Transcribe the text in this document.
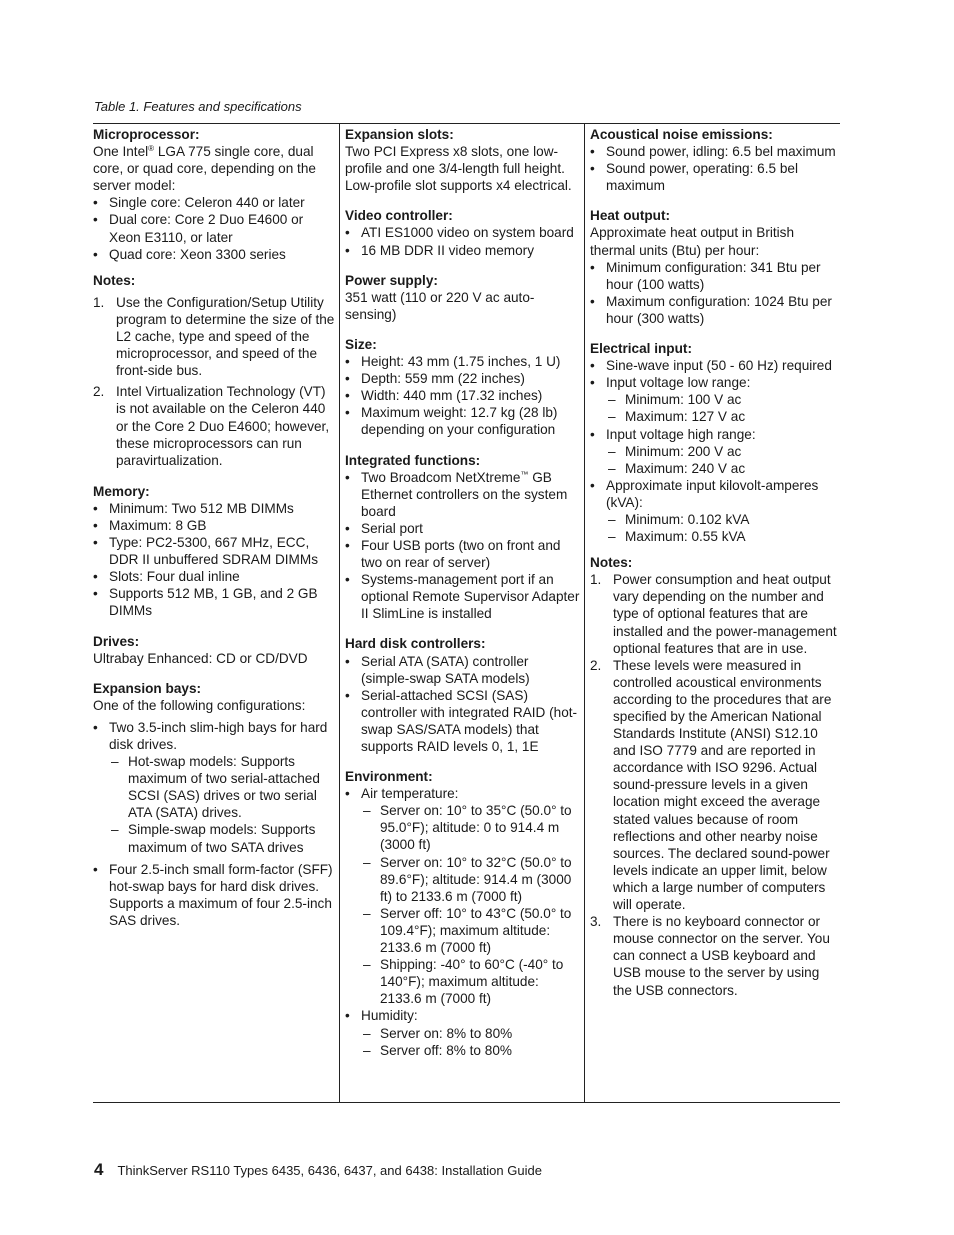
Table 1. Features and specifications
Microprocessor:

One Intel® LGA 775 single core, dual core, or quad core, depending on the server model:

• Single core: Celeron 440 or later
• Dual core: Core 2 Duo E4600 or Xeon E3110, or later
• Quad core: Xeon 3300 series
Notes:
1. Use the Configuration/Setup Utility program to determine the size of the L2 cache, type and speed of the microprocessor, and speed of the front-side bus.
2. Intel Virtualization Technology (VT) is not available on the Celeron 440 or the Core 2 Duo E4600; however, these microprocessors can run paravirtualization.
Memory:
• Minimum: Two 512 MB DIMMs
• Maximum: 8 GB
• Type: PC2-5300, 667 MHz, ECC, DDR II unbuffered SDRAM DIMMs
• Slots: Four dual inline
• Supports 512 MB, 1 GB, and 2 GB DIMMs
Drives:

Ultrabay Enhanced: CD or CD/DVD

Expansion bays:

One of the following configurations:

• Two 3.5-inch slim-high bays for hard disk drives.
– Hot-swap models: Supports maximum of two serial-attached SCSI (SAS) drives or two serial ATA (SATA) drives.
– Simple-swap models: Supports maximum of two SATA drives
• Four 2.5-inch small form-factor (SFF) hot-swap bays for hard disk drives. Supports a maximum of four 2.5-inch SAS drives.
Expansion slots:

Two PCI Express x8 slots, one low-profile and one 3/4-length full height. Low-profile slot supports x4 electrical.

Video controller:
• ATI ES1000 video on system board
• 16 MB DDR II video memory
Power supply:

351 watt (110 or 220 V ac auto-sensing)

Size:
• Height: 43 mm (1.75 inches, 1 U)
• Depth: 559 mm (22 inches)
• Width: 440 mm (17.32 inches)
• Maximum weight: 12.7 kg (28 lb) depending on your configuration
Integrated functions:
• Two Broadcom NetXtreme™ GB Ethernet controllers on the system board
• Serial port
• Four USB ports (two on front and two on rear of server)
• Systems-management port if an optional Remote Supervisor Adapter II SlimLine is installed
Hard disk controllers:
• Serial ATA (SATA) controller (simple-swap SATA models)
• Serial-attached SCSI (SAS) controller with integrated RAID (hot-swap SAS/SATA models) that supports RAID levels 0, 1, 1E
Environment:
• Air temperature:
– Server on: 10° to 35°C (50.0° to 95.0°F); altitude: 0 to 914.4 m (3000 ft)
– Server on: 10° to 32°C (50.0° to 89.6°F); altitude: 914.4 m (3000 ft) to 2133.6 m (7000 ft)
– Server off: 10° to 43°C (50.0° to 109.4°F); maximum altitude: 2133.6 m (7000 ft)
– Shipping: -40° to 60°C (-40° to 140°F); maximum altitude: 2133.6 m (7000 ft)
• Humidity:
– Server on: 8% to 80%
– Server off: 8% to 80%
Acoustical noise emissions:
• Sound power, idling: 6.5 bel maximum
• Sound power, operating: 6.5 bel maximum
Heat output:

Approximate heat output in British thermal units (Btu) per hour:

• Minimum configuration: 341 Btu per hour (100 watts)
• Maximum configuration: 1024 Btu per hour (300 watts)
Electrical input:
• Sine-wave input (50 - 60 Hz) required
• Input voltage low range:
– Minimum: 100 V ac
– Maximum: 127 V ac
• Input voltage high range:
– Minimum: 200 V ac
– Maximum: 240 V ac
• Approximate input kilovolt-amperes (kVA):
– Minimum: 0.102 kVA
– Maximum: 0.55 kVA
Notes:
1. Power consumption and heat output vary depending on the number and type of optional features that are installed and the power-management optional features that are in use.
2. These levels were measured in controlled acoustical environments according to the procedures that are specified by the American National Standards Institute (ANSI) S12.10 and ISO 7779 and are reported in accordance with ISO 9296. Actual sound-pressure levels in a given location might exceed the average stated values because of room reflections and other nearby noise sources. The declared sound-power levels indicate an upper limit, below which a large number of computers will operate.
3. There is no keyboard connector or mouse connector on the server. You can connect a USB keyboard and USB mouse to the server by using the USB connectors.
4 ThinkServer RS110 Types 6435, 6436, 6437, and 6438: Installation Guide
